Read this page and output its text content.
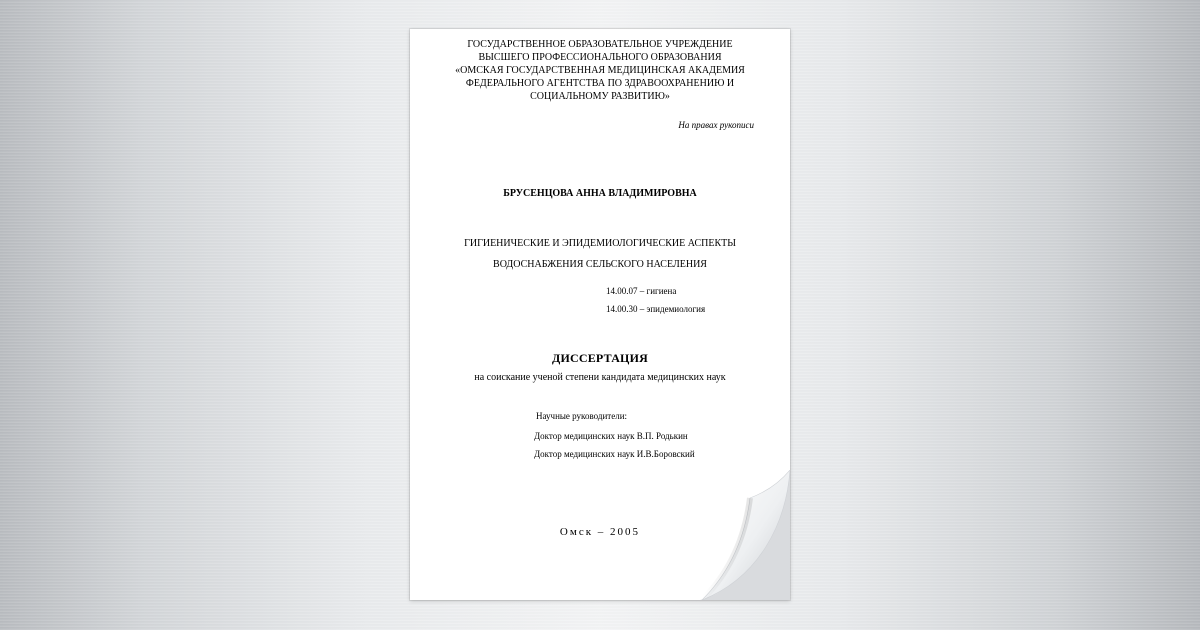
ГОСУДАРСТВЕННОЕ ОБРАЗОВАТЕЛЬНОЕ УЧРЕЖДЕНИЕ
ВЫСШЕГО ПРОФЕССИОНАЛЬНОГО ОБРАЗОВАНИЯ
«ОМСКАЯ ГОСУДАРСТВЕННАЯ МЕДИЦИНСКАЯ АКАДЕМИЯ
ФЕДЕРАЛЬНОГО АГЕНТСТВА ПО ЗДРАВООХРАНЕНИЮ И
СОЦИАЛЬНОМУ РАЗВИТИЮ»
На правах рукописи
БРУСЕНЦОВА АННА ВЛАДИМИРОВНА
ГИГИЕНИЧЕСКИЕ И ЭПИДЕМИОЛОГИЧЕСКИЕ АСПЕКТЫ
ВОДОСНАБЖЕНИЯ СЕЛЬСКОГО НАСЕЛЕНИЯ
14.00.07 – гигиена
14.00.30 – эпидемиология
ДИССЕРТАЦИЯ
на соискание ученой степени кандидата медицинских наук
Научные руководители:
Доктор медицинских наук В.П. Родькин
Доктор медицинских наук И.В.Боровский
Омск – 2005
